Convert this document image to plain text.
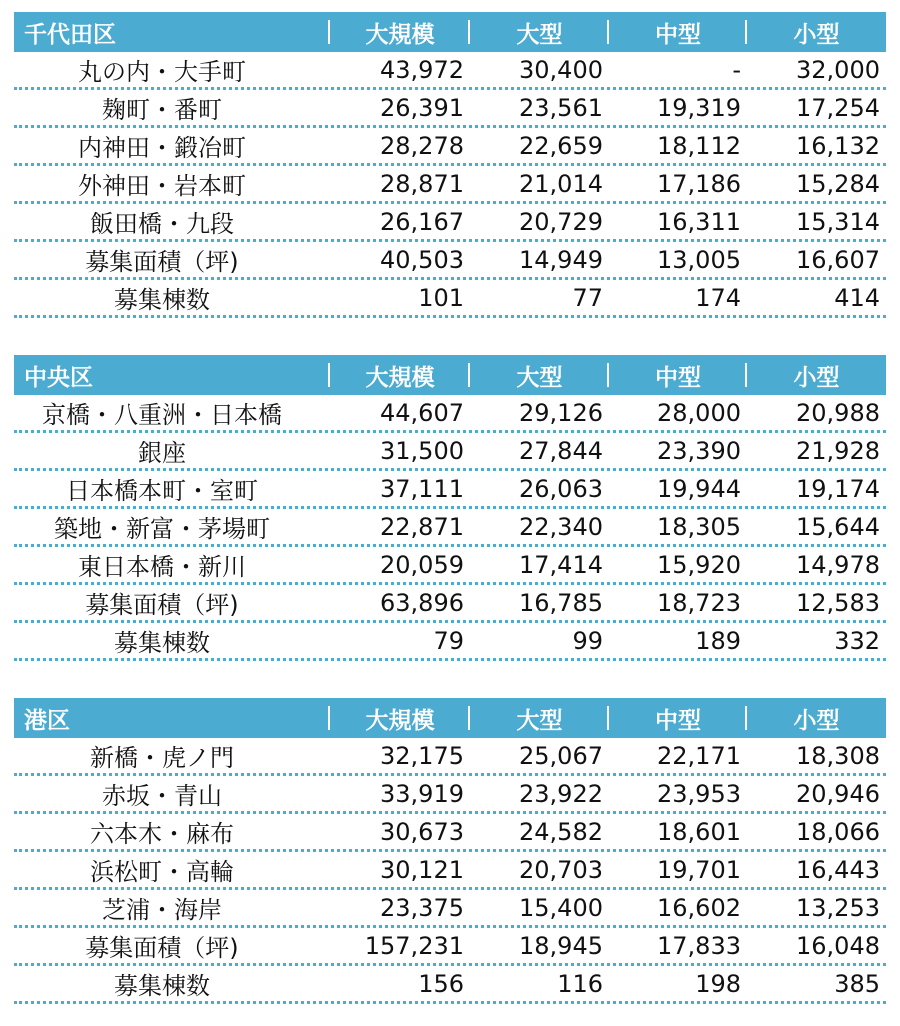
千代田区	大規模	大型	中型	小型
丸の内・大手町	43,972	30,400	-	32,000
麹町・番町	26,391	23,561	19,319	17,254
内神田・鍛冶町	28,278	22,659	18,112	16,132
外神田・岩本町	28,871	21,014	17,186	15,284
飯田橋・九段	26,167	20,729	16,311	15,314
募集面積（坪)	40,503	14,949	13,005	16,607
募集棟数	101	77	174	414
中央区	大規模	大型	中型	小型
京橋・八重洲・日本橋	44,607	29,126	28,000	20,988
銀座	31,500	27,844	23,390	21,928
日本橋本町・室町	37,111	26,063	19,944	19,174
築地・新富・茅場町	22,871	22,340	18,305	15,644
東日本橋・新川	20,059	17,414	15,920	14,978
募集面積（坪)	63,896	16,785	18,723	12,583
募集棟数	79	99	189	332
港区	大規模	大型	中型	小型
新橋・虎ノ門	32,175	25,067	22,171	18,308
赤坂・青山	33,919	23,922	23,953	20,946
六本木・麻布	30,673	24,582	18,601	18,066
浜松町・高輪	30,121	20,703	19,701	16,443
芝浦・海岸	23,375	15,400	16,602	13,253
募集面積（坪)	157,231	18,945	17,833	16,048
募集棟数	156	116	198	385
